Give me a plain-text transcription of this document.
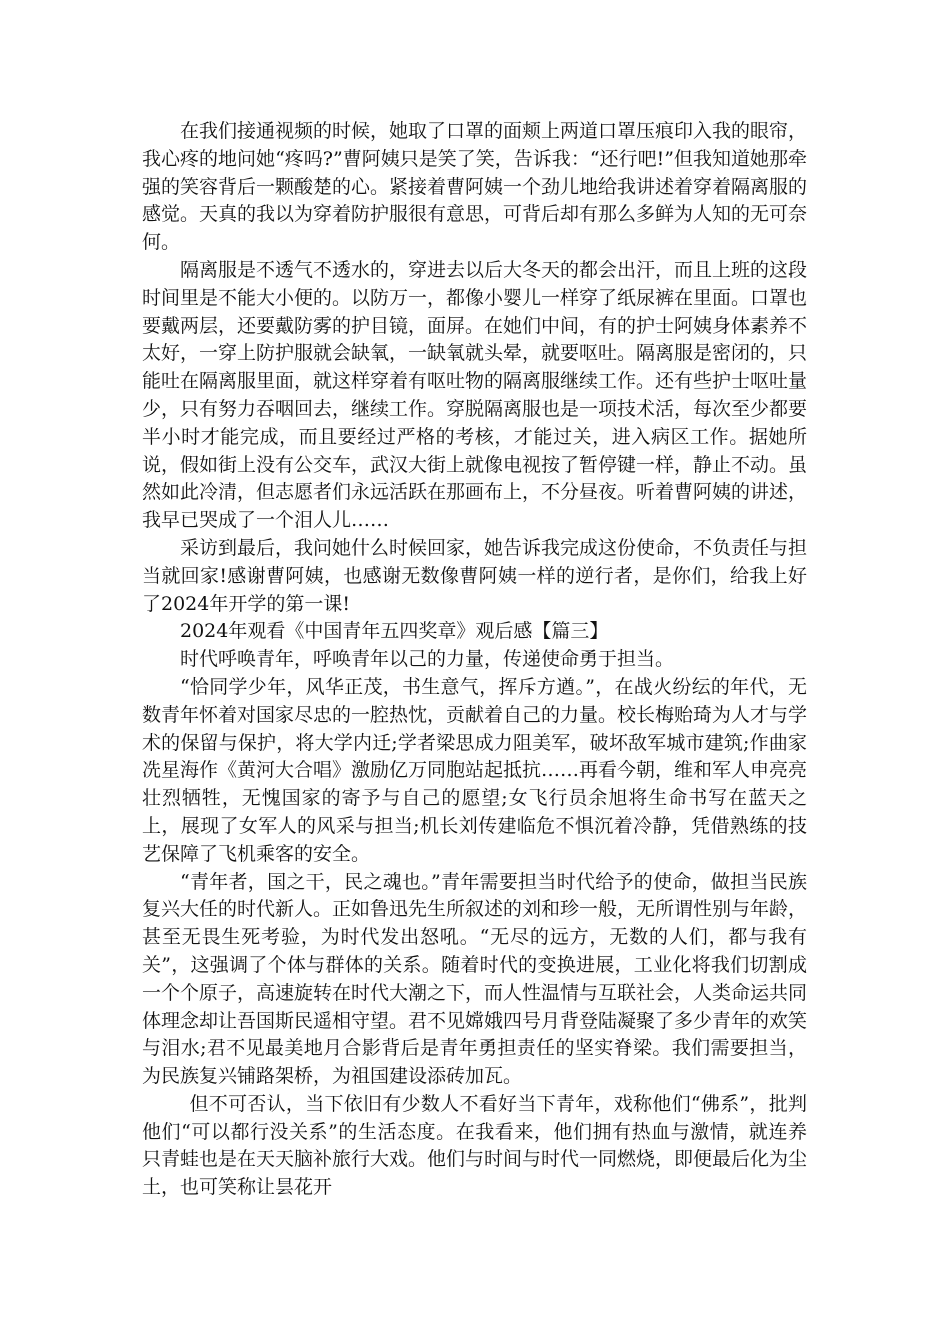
在我们接通视频的时候，她取了口罩的面颊上两道口罩压痕印入我的眼帘，我心疼的地问她“疼吗?”曹阿姨只是笑了笑，告诉我：“还行吧!”但我知道她那牵强的笑容背后一颗酸楚的心。紧接着曹阿姨一个劲儿地给我讲述着穿着隔离服的感觉。天真的我以为穿着防护服很有意思，可背后却有那么多鲜为人知的无可奈何。

隔离服是不透气不透水的，穿进去以后大冬天的都会出汗，而且上班的这段时间里是不能大小便的。以防万一，都像小婴儿一样穿了纸尿裤在里面。口罩也要戴两层，还要戴防雾的护目镜，面屏。在她们中间，有的护士阿姨身体素养不太好，一穿上防护服就会缺氧，一缺氧就头晕，就要呕吐。隔离服是密闭的，只能吐在隔离服里面，就这样穿着有呕吐物的隔离服继续工作。还有些护士呕吐量少，只有努力吞咽回去，继续工作。穿脱隔离服也是一项技术活，每次至少都要半小时才能完成，而且要经过严格的考核，才能过关，进入病区工作。据她所说，假如街上没有公交车，武汉大街上就像电视按了暂停键一样，静止不动。虽然如此冷清，但志愿者们永远活跃在那画布上，不分昼夜。听着曹阿姨的讲述，我早已哭成了一个泪人儿……

采访到最后，我问她什么时候回家，她告诉我完成这份使命，不负责任与担当就回家!感谢曹阿姨，也感谢无数像曹阿姨一样的逆行者，是你们，给我上好了2024年开学的第一课!

2024年观看《中国青年五四奖章》观后感【篇三】

时代呼唤青年，呼唤青年以己的力量，传递使命勇于担当。

“恰同学少年，风华正茂，书生意气，挥斥方遒。”，在战火纷纭的年代，无数青年怀着对国家尽忠的一腔热忱，贡献着自己的力量。校长梅贻琦为人才与学术的保留与保护，将大学内迁;学者梁思成力阻美军，破坏敌军城市建筑;作曲家冼星海作《黄河大合唱》激励亿万同胞站起抵抗……再看今朝，维和军人申亮亮壮烈牺牲，无愧国家的寄予与自己的愿望;女飞行员余旭将生命书写在蓝天之上，展现了女军人的风采与担当;机长刘传建临危不惧沉着冷静，凭借熟练的技艺保障了飞机乘客的安全。

“青年者，国之干，民之魂也。”青年需要担当时代给予的使命，做担当民族复兴大任的时代新人。正如鲁迅先生所叙述的刘和珍一般，无所谓性别与年龄，甚至无畏生死考验，为时代发出怒吼。“无尽的远方，无数的人们，都与我有关”，这强调了个体与群体的关系。随着时代的变换进展，工业化将我们切割成一个个原子，高速旋转在时代大潮之下，而人性温情与互联社会，人类命运共同体理念却让吾国斯民遥相守望。君不见嫦娥四号月背登陆凝聚了多少青年的欢笑与泪水;君不见最美地月合影背后是青年勇担责任的坚实脊梁。我们需要担当，为民族复兴铺路架桥，为祖国建设添砖加瓦。

但不可否认，当下依旧有少数人不看好当下青年，戏称他们“佛系”，批判他们“可以都行没关系”的生活态度。在我看来，他们拥有热血与激情，就连养只青蛙也是在天天脑补旅行大戏。他们与时间与时代一同燃烧，即便最后化为尘土，也可笑称让昙花开
